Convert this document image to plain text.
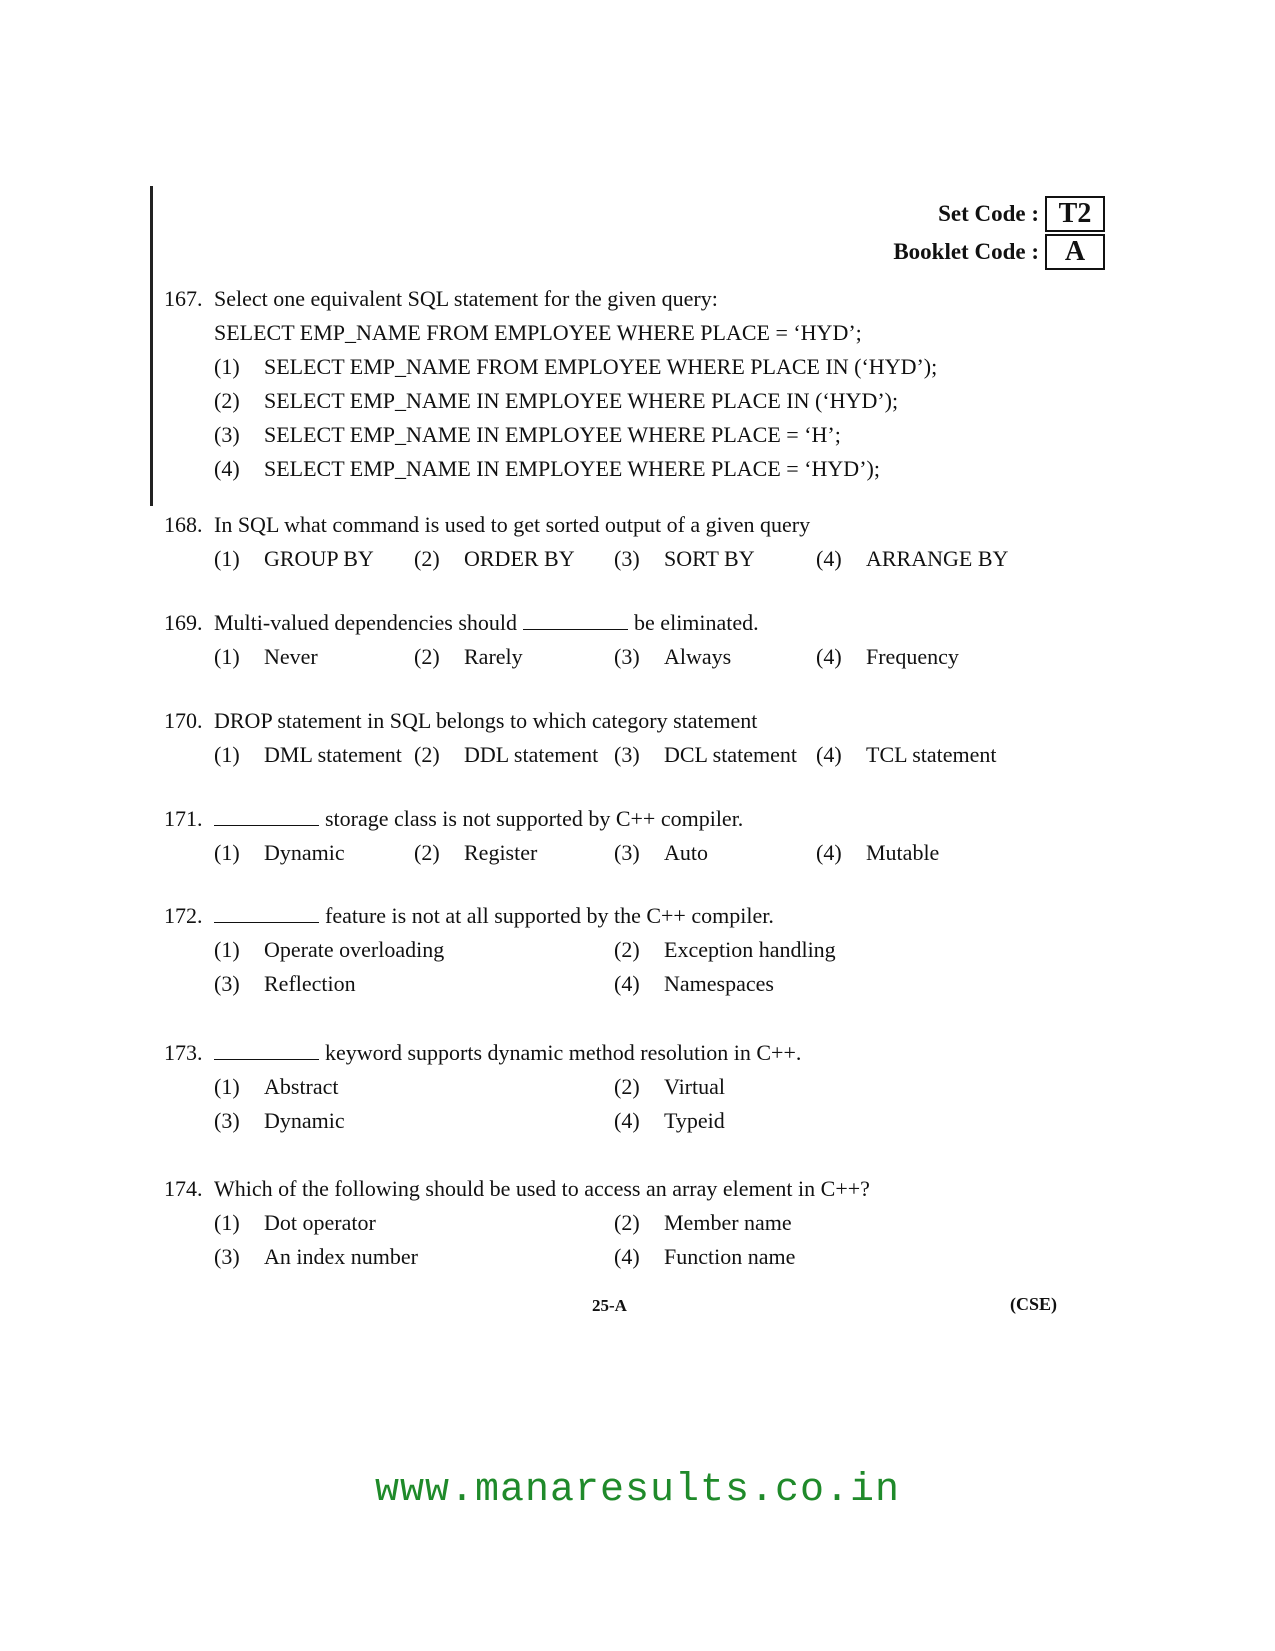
Set Code : T2
Booklet Code : A
167. Select one equivalent SQL statement for the given query:
SELECT EMP_NAME FROM EMPLOYEE WHERE PLACE = ‘HYD’;
(1)	SELECT EMP_NAME FROM EMPLOYEE WHERE PLACE IN (‘HYD’);
(2)	SELECT EMP_NAME IN EMPLOYEE WHERE PLACE IN (‘HYD’);
(3)	SELECT EMP_NAME IN EMPLOYEE WHERE PLACE = ‘H’;
(4)	SELECT EMP_NAME IN EMPLOYEE WHERE PLACE = ‘HYD’);
168. In SQL what command is used to get sorted output of a given query
(1)	GROUP BY (2)	ORDER BY (3)	SORT BY	(4)	ARRANGE BY
169. Multi-valued dependencies should	be eliminated.
(1)	Never	(2)	Rarely	(3)	Always	(4)	Frequency
170. DROP statement in SQL belongs to which category statement
(1)	DML statement (2)	DDL statement (3)	DCL statement (4)	TCL statement
171.	storage class is not supported by C++ compiler.
(1)	Dynamic	(2)	Register	(3)	Auto	(4)	Mutable
172.	feature is not at all supported by the C++ compiler.
(1)	Operate overloading	(2)	Exception handling
(3)	Reflection	(4)	Namespaces
173.	keyword supports dynamic method resolution in C++.
(1)	Abstract	(2)	Virtual
(3)	Dynamic	(4)	Typeid
174. Which of the following should be used to access an array element in C++?
(1)	Dot operator	(2)	Member name
(3)	An index number	(4)	Function name
25-A	(CSE)
www.manaresults.co.in
